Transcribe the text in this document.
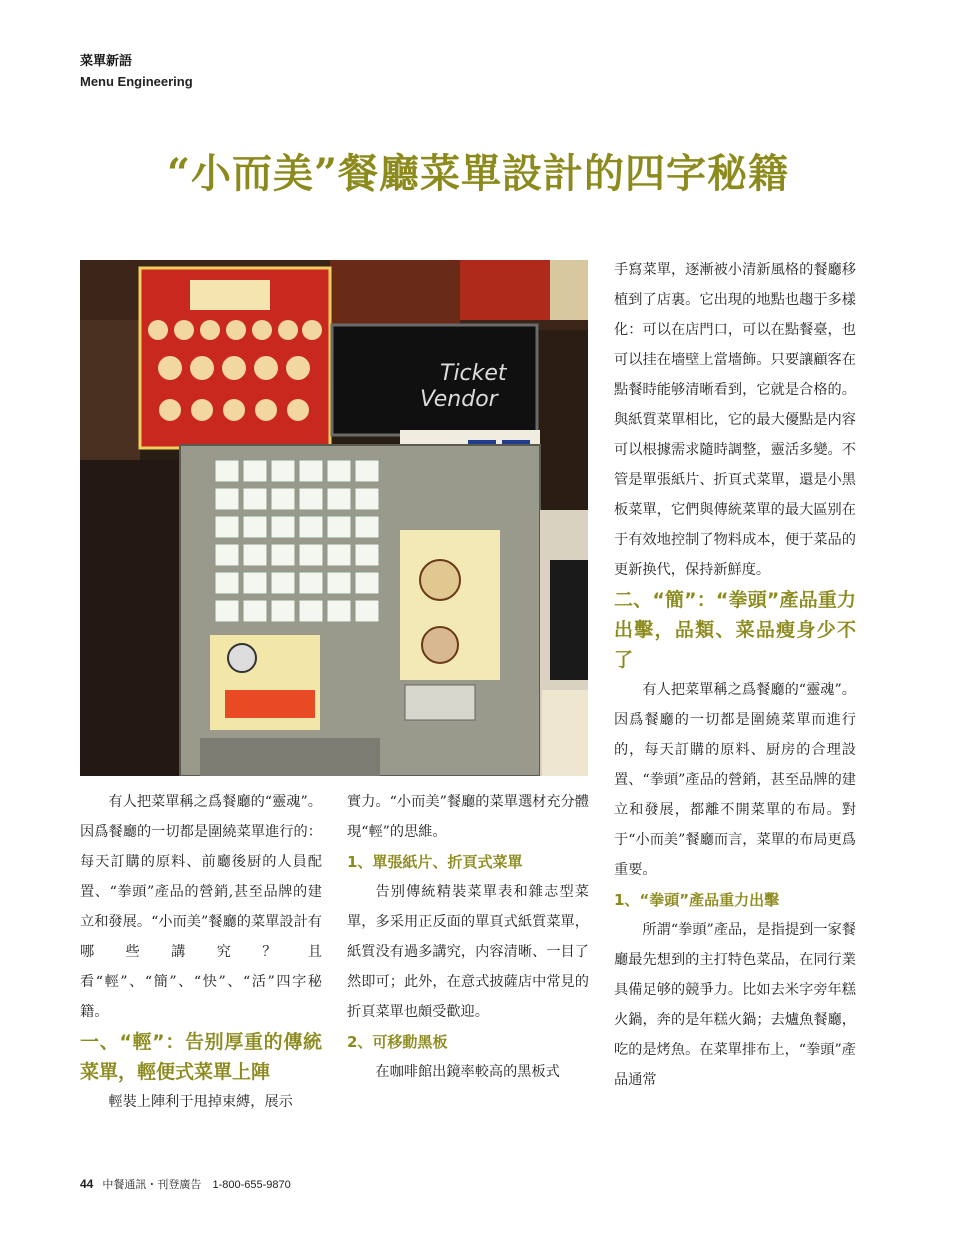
菜單新語
Menu Engineering
“小而美”餐廳菜單設計的四字秘籍
Ticket
Vendor

有人把菜單稱之爲餐廳的“靈魂”。因爲餐廳的一切都是圍繞菜單進行的：每天訂購的原料、前廳後厨的人員配置、“拳頭”產品的營銷,甚至品牌的建立和發展。“小而美”餐廳的菜單設計有哪些講究？且看“輕”、“簡”、“快”、“活”四字秘籍。

一、“輕”：告别厚重的傳統菜單，輕便式菜單上陣

輕裝上陣利于甩掉束縛，展示

實力。“小而美”餐廳的菜單選材充分體現“輕”的思維。

1、單張紙片、折頁式菜單

告别傳統精裝菜單表和雜志型菜單，多采用正反面的單頁式紙質菜單，紙質没有過多講究，内容清晰、一目了然即可；此外，在意式披薩店中常見的折頁菜單也頗受歡迎。

2、可移動黑板

在咖啡館出鏡率較高的黑板式

手寫菜單，逐漸被小清新風格的餐廳移植到了店裏。它出現的地點也趨于多樣化：可以在店門口，可以在點餐臺，也可以挂在墻壁上當墻飾。只要讓顧客在點餐時能够清晰看到，它就是合格的。與紙質菜單相比，它的最大優點是内容可以根據需求隨時調整，靈活多變。不管是單張紙片、折頁式菜單，還是小黑板菜單，它們與傳統菜單的最大區别在于有效地控制了物料成本，便于菜品的更新换代，保持新鮮度。

二、“簡”：“拳頭”產品重力出擊，品類、菜品瘦身少不了

有人把菜單稱之爲餐廳的“靈魂”。因爲餐廳的一切都是圍繞菜單而進行的，每天訂購的原料、厨房的合理設置、“拳頭”產品的營銷，甚至品牌的建立和發展，都離不開菜單的布局。對于“小而美”餐廳而言，菜單的布局更爲重要。

1、“拳頭”產品重力出擊

所謂“拳頭”產品，是指提到一家餐廳最先想到的主打特色菜品，在同行業具備足够的競爭力。比如去米字旁年糕火鍋，奔的是年糕火鍋；去爐魚餐廳，吃的是烤魚。在菜單排布上，“拳頭”產品通常

44 中餐通訊・刊登廣告 1-800-655-9870
